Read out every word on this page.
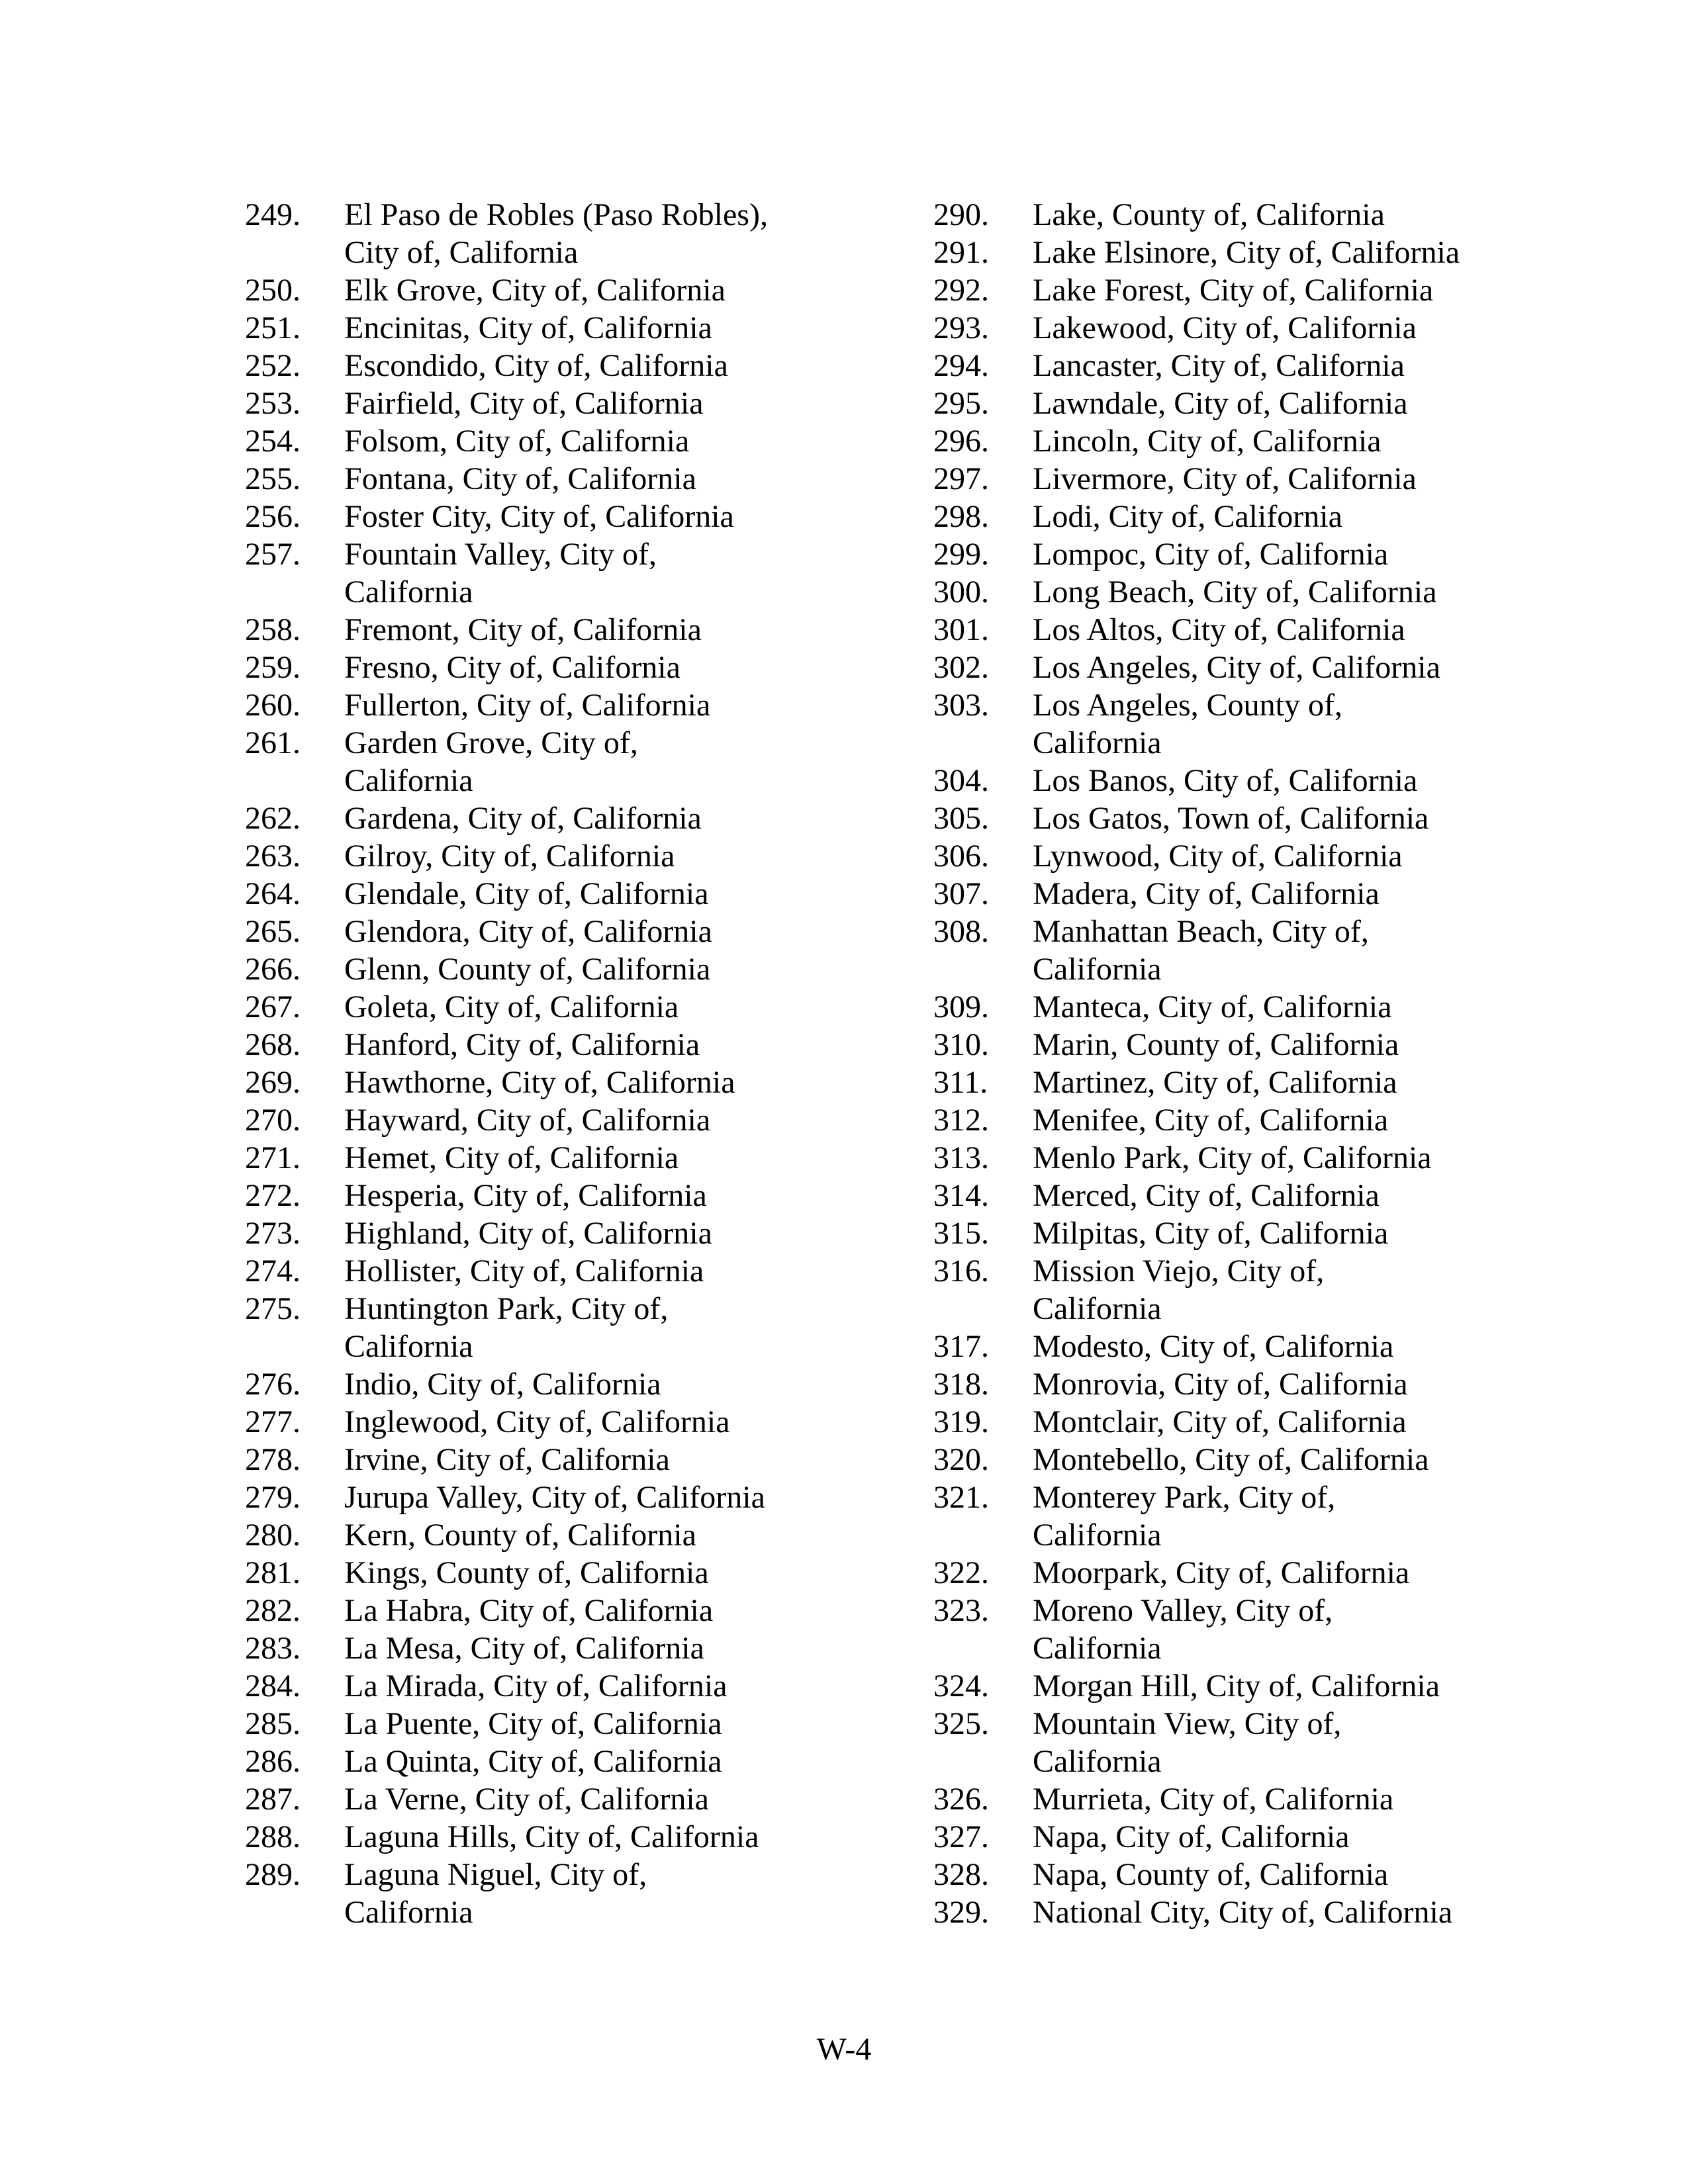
249.	El Paso de Robles (Paso Robles),
City of, California
250.	Elk Grove, City of, California
251.	Encinitas, City of, California
252.	Escondido, City of, California
253.	Fairfield, City of, California
254.	Folsom, City of, California
255.	Fontana, City of, California
256.	Foster City, City of, California
257.	Fountain Valley, City of,
California
258.	Fremont, City of, California
259.	Fresno, City of, California
260.	Fullerton, City of, California
261.	Garden Grove, City of,
California
262.	Gardena, City of, California
263.	Gilroy, City of, California
264.	Glendale, City of, California
265.	Glendora, City of, California
266.	Glenn, County of, California
267.	Goleta, City of, California
268.	Hanford, City of, California
269.	Hawthorne, City of, California
270.	Hayward, City of, California
271.	Hemet, City of, California
272.	Hesperia, City of, California
273.	Highland, City of, California
274.	Hollister, City of, California
275.	Huntington Park, City of,
California
276.	Indio, City of, California
277.	Inglewood, City of, California
278.	Irvine, City of, California
279.	Jurupa Valley, City of, California
280.	Kern, County of, California
281.	Kings, County of, California
282.	La Habra, City of, California
283.	La Mesa, City of, California
284.	La Mirada, City of, California
285.	La Puente, City of, California
286.	La Quinta, City of, California
287.	La Verne, City of, California
288.	Laguna Hills, City of, California
289.	Laguna Niguel, City of,
California
290.	Lake, County of, California
291.	Lake Elsinore, City of, California
292.	Lake Forest, City of, California
293.	Lakewood, City of, California
294.	Lancaster, City of, California
295.	Lawndale, City of, California
296.	Lincoln, City of, California
297.	Livermore, City of, California
298.	Lodi, City of, California
299.	Lompoc, City of, California
300.	Long Beach, City of, California
301.	Los Altos, City of, California
302.	Los Angeles, City of, California
303.	Los Angeles, County of,
California
304.	Los Banos, City of, California
305.	Los Gatos, Town of, California
306.	Lynwood, City of, California
307.	Madera, City of, California
308.	Manhattan Beach, City of,
California
309.	Manteca, City of, California
310.	Marin, County of, California
311.	Martinez, City of, California
312.	Menifee, City of, California
313.	Menlo Park, City of, California
314.	Merced, City of, California
315.	Milpitas, City of, California
316.	Mission Viejo, City of,
California
317.	Modesto, City of, California
318.	Monrovia, City of, California
319.	Montclair, City of, California
320.	Montebello, City of, California
321.	Monterey Park, City of,
California
322.	Moorpark, City of, California
323.	Moreno Valley, City of,
California
324.	Morgan Hill, City of, California
325.	Mountain View, City of,
California
326.	Murrieta, City of, California
327.	Napa, City of, California
328.	Napa, County of, California
329.	National City, City of, California
W-4
